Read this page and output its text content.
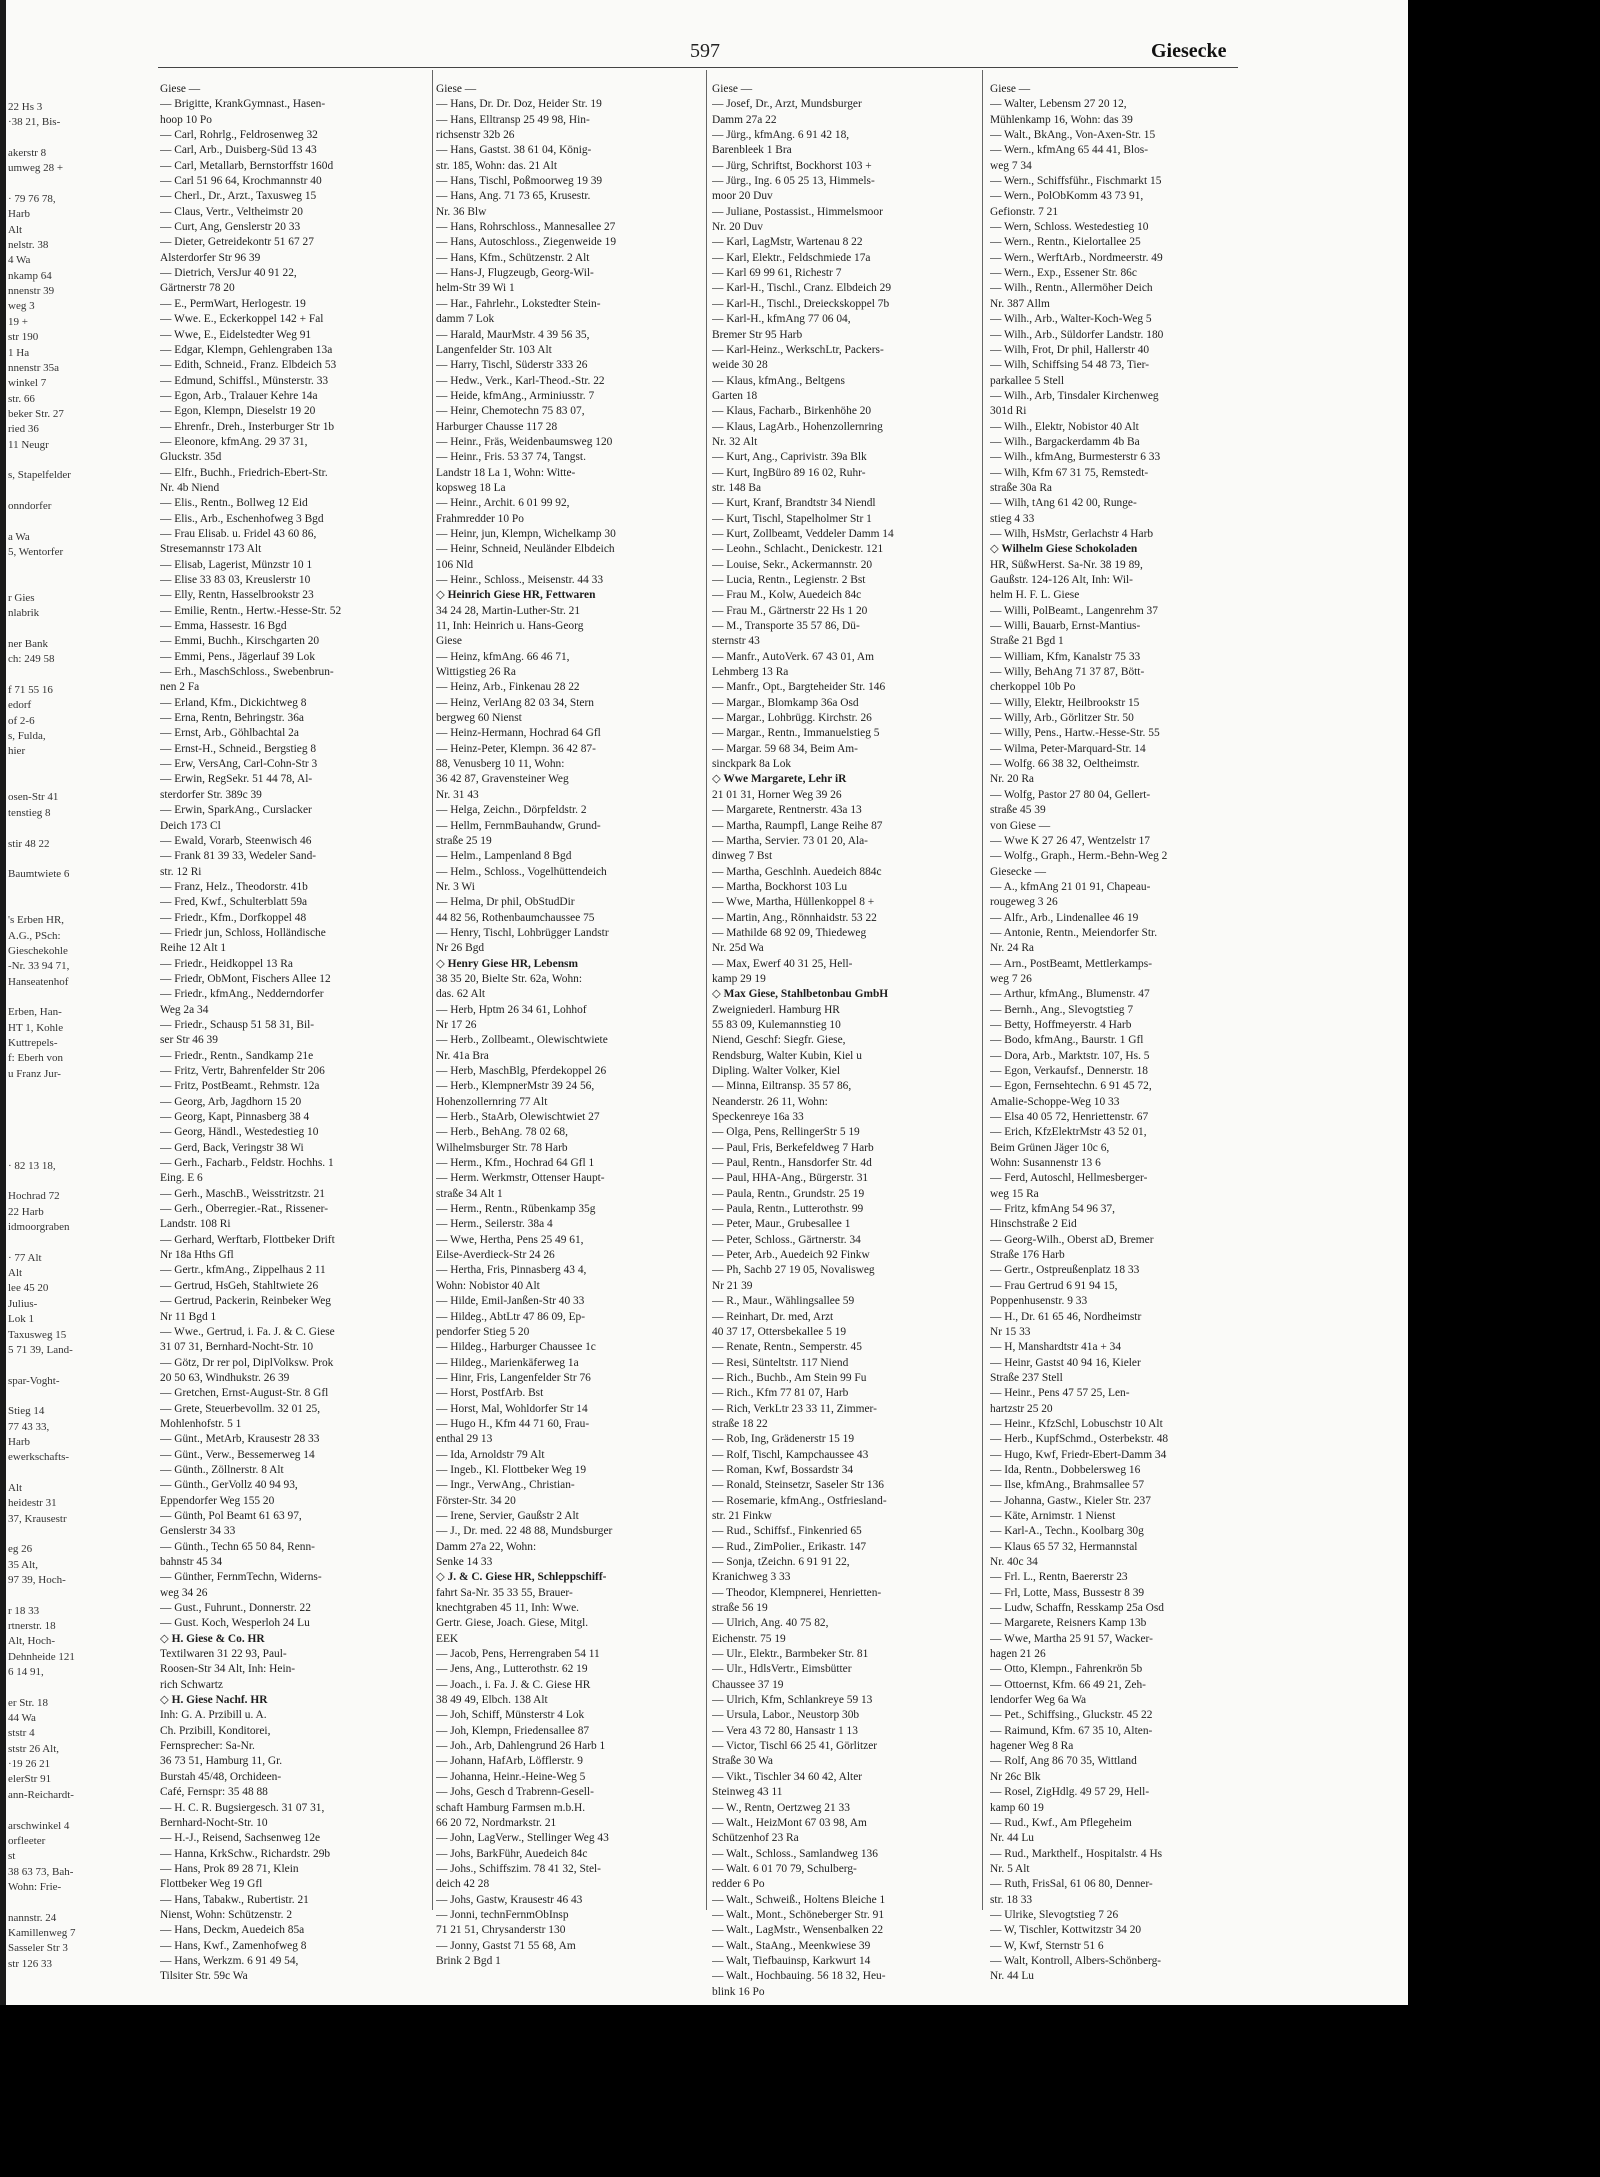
22 Hs 3
·38 21, Bis-
akerstr 8
umweg 28 +
· 79 76 78,
Harb
Alt
nelstr. 38
4 Wa
nkamp 64
nnenstr 39
weg 3
19 +
str 190
1 Ha
nnenstr 35a
winkel 7
str. 66
beker Str. 27
ried 36
11 Neugr
s, Stapelfelder
onndorfer
a Wa
5, Wentorfer
r Gies
nlabrik
ner Bank
ch: 249 58
f 71 55 16
edorf
of 2-6
s, Fulda,
hier
osen-Str 41
tenstieg 8
stir 48 22
Baumtwiete 6
's Erben HR,
A.G., PSch:
Gieschekohle
-Nr. 33 94 71,
Hanseatenhof
Erben, Han-
HT 1, Kohle
Kuttrepels-
f: Eberh von
u Franz Jur-
· 82 13 18,
Hochrad 72
22 Harb
idmoorgraben
· 77 Alt
Alt
lee 45 20
Julius-
Lok 1
Taxusweg 15
5 71 39, Land-
spar-Voght-
Stieg 14
77 43 33,
Harb
ewerkschafts-
Alt
heidestr 31
37, Krausestr
eg 26
35 Alt,
97 39, Hoch-
r 18 33
rtnerstr. 18
Alt, Hoch-
Dehnheide 121
6 14 91,
er Str. 18
44 Wa
ststr 4
ststr 26 Alt,
·19 26 21
elerStr 91
ann-Reichardt-
arschwinkel 4
orfleeter
st
38 63 73, Bah-
Wohn: Frie-
nannstr. 24
Kamillenweg 7
Sasseler Str 3
str 126 33
597	Giesecke
Giese —
— Brigitte, KrankGymnast., Hasen-
hoop 10 Po
— Carl, Rohrlg., Feldrosenweg 32
— Carl, Arb., Duisberg-Süd 13 43
— Carl, Metallarb, Bernstorffstr 160d
— Carl 51 96 64, Krochmannstr 40
— Cherl., Dr., Arzt., Taxusweg 15
— Claus, Vertr., Veltheimstr 20
— Curt, Ang, Genslerstr 20 33
— Dieter, Getreidekontr 51 67 27
Alsterdorfer Str 96 39
— Dietrich, VersJur 40 91 22,
Gärtnerstr 78 20
— E., PermWart, Herlogestr. 19
— Wwe. E., Eckerkoppel 142 + Fal
— Wwe, E., Eidelstedter Weg 91
— Edgar, Klempn, Gehlengraben 13a
— Edith, Schneid., Franz. Elbdeich 53
— Edmund, Schiffsl., Münsterstr. 33
— Egon, Arb., Tralauer Kehre 14a
— Egon, Klempn, Dieselstr 19 20
— Ehrenfr., Dreh., Insterburger Str 1b
— Eleonore, kfmAng. 29 37 31,
Gluckstr. 35d
— Elfr., Buchh., Friedrich-Ebert-Str.
Nr. 4b Niend
— Elis., Rentn., Bollweg 12 Eid
— Elis., Arb., Eschenhofweg 3 Bgd
— Frau Elisab. u. Fridel 43 60 86,
Stresemannstr 173 Alt
— Elisab, Lagerist, Münzstr 10 1
— Elise 33 83 03, Kreuslerstr 10
— Elly, Rentn, Hasselbrookstr 23
— Emilie, Rentn., Hertw.-Hesse-Str. 52
— Emma, Hassestr. 16 Bgd
— Emmi, Buchh., Kirschgarten 20
— Emmi, Pens., Jägerlauf 39 Lok
— Erh., MaschSchloss., Swebenbrun-
nen 2 Fa
— Erland, Kfm., Dickichtweg 8
— Erna, Rentn, Behringstr. 36a
— Ernst, Arb., Göhlbachtal 2a
— Ernst-H., Schneid., Bergstieg 8
— Erw, VersAng, Carl-Cohn-Str 3
— Erwin, RegSekr. 51 44 78, Al-
sterdorfer Str. 389c 39
— Erwin, SparkAng., Curslacker
Deich 173 Cl
— Ewald, Vorarb, Steenwisch 46
— Frank 81 39 33, Wedeler Sand-
str. 12 Ri
— Franz, Helz., Theodorstr. 41b
— Fred, Kwf., Schulterblatt 59a
— Friedr., Kfm., Dorfkoppel 48
— Friedr jun, Schloss, Holländische
Reihe 12 Alt 1
— Friedr., Heidkoppel 13 Ra
— Friedr, ObMont, Fischers Allee 12
— Friedr., kfmAng., Nedderndorfer
Weg 2a 34
— Friedr., Schausp 51 58 31, Bil-
ser Str 46 39
— Friedr., Rentn., Sandkamp 21e
— Fritz, Vertr, Bahrenfelder Str 206
— Fritz, PostBeamt., Rehmstr. 12a
— Georg, Arb, Jagdhorn 15 20
— Georg, Kapt, Pinnasberg 38 4
— Georg, Händl., Westedestieg 10
— Gerd, Back, Veringstr 38 Wi
— Gerh., Facharb., Feldstr. Hochhs. 1
Eing. E 6
— Gerh., MaschB., Weisstritzstr. 21
— Gerh., Oberregier.-Rat., Rissener-
Landstr. 108 Ri
— Gerhard, Werftarb, Flottbeker Drift
Nr 18a Hths Gfl
— Gertr., kfmAng., Zippelhaus 2 11
— Gertrud, HsGeh, Stahltwiete 26
— Gertrud, Packerin, Reinbeker Weg
Nr 11 Bgd 1
— Wwe., Gertrud, i. Fa. J. & C. Giese
31 07 31, Bernhard-Nocht-Str. 10
— Götz, Dr rer pol, DiplVolksw. Prok
20 50 63, Windhukstr. 26 39
— Gretchen, Ernst-August-Str. 8 Gfl
— Grete, Steuerbevollm. 32 01 25,
Mohlenhofstr. 5 1
— Günt., MetArb, Krausestr 28 33
— Günt., Verw., Bessemerweg 14
— Günth., Zöllnerstr. 8 Alt
— Günth., GerVollz 40 94 93,
Eppendorfer Weg 155 20
— Günth, Pol Beamt 61 63 97,
Genslerstr 34 33
— Günth., Techn 65 50 84, Renn-
bahnstr 45 34
— Günther, FernmTechn, Widerns-
weg 34 26
— Gust., Fuhrunt., Donnerstr. 22
— Gust. Koch, Wesperloh 24 Lu
◇ H. Giese & Co. HR
Textilwaren 31 22 93, Paul-
Roosen-Str 34 Alt, Inh: Hein-
rich Schwartz
◇ H. Giese Nachf. HR
Inh: G. A. Przibill u. A.
Ch. Przibill, Konditorei,
Fernsprecher: Sa-Nr.
36 73 51, Hamburg 11, Gr.
Burstah 45/48, Orchideen-
Café, Fernspr: 35 48 88
— H. C. R. Bugsiergesch. 31 07 31,
Bernhard-Nocht-Str. 10
— H.-J., Reisend, Sachsenweg 12e
— Hanna, KrkSchw., Richardstr. 29b
— Hans, Prok 89 28 71, Klein
Flottbeker Weg 19 Gfl
— Hans, Tabakw., Rubertistr. 21
Nienst, Wohn: Schützenstr. 2
— Hans, Deckm, Auedeich 85a
— Hans, Kwf., Zamenhofweg 8
— Hans, Werkzm. 6 91 49 54,
Tilsiter Str. 59c Wa
Giese —
— Hans, Dr. Dr. Doz, Heider Str. 19
— Hans, Elltransp 25 49 98, Hin-
richsenstr 32b 26
— Hans, Gastst. 38 61 04, König-
str. 185, Wohn: das. 21 Alt
— Hans, Tischl, Poßmoorweg 19 39
— Hans, Ang. 71 73 65, Krusestr.
Nr. 36 Blw
— Hans, Rohrschloss., Mannesallee 27
— Hans, Autoschloss., Ziegenweide 19
— Hans, Kfm., Schützenstr. 2 Alt
— Hans-J, Flugzeugb, Georg-Wil-
helm-Str 39 Wi 1
— Har., Fahrlehr., Lokstedter Stein-
damm 7 Lok
— Harald, MaurMstr. 4 39 56 35,
Langenfelder Str. 103 Alt
— Harry, Tischl, Süderstr 333 26
— Hedw., Verk., Karl-Theod.-Str. 22
— Heide, kfmAng., Arminiusstr. 7
— Heinr, Chemotechn 75 83 07,
Harburger Chausse 117 28
— Heinr., Fräs, Weidenbaumsweg 120
— Heinr., Fris. 53 37 74, Tangst.
Landstr 18 La 1, Wohn: Witte-
kopsweg 18 La
— Heinr., Archit. 6 01 99 92,
Frahmredder 10 Po
— Heinr, jun, Klempn, Wichelkamp 30
— Heinr, Schneid, Neuländer Elbdeich
106 Nld
— Heinr., Schloss., Meisenstr. 44 33
◇ Heinrich Giese HR, Fettwaren
34 24 28, Martin-Luther-Str. 21
11, Inh: Heinrich u. Hans-Georg
Giese
— Heinz, kfmAng. 66 46 71,
Wittigstieg 26 Ra
— Heinz, Arb., Finkenau 28 22
— Heinz, VerlAng 82 03 34, Stern
bergweg 60 Nienst
— Heinz-Hermann, Hochrad 64 Gfl
— Heinz-Peter, Klempn. 36 42 87-
88, Venusberg 10 11, Wohn:
36 42 87, Gravensteiner Weg
Nr. 31 43
— Helga, Zeichn., Dörpfeldstr. 2
— Hellm, FernmBauhandw, Grund-
straße 25 19
— Helm., Lampenland 8 Bgd
— Helm., Schloss., Vogelhüttendeich
Nr. 3 Wi
— Helma, Dr phil, ObStudDir
44 82 56, Rothenbaumchaussee 75
— Henry, Tischl, Lohbrügger Landstr
Nr 26 Bgd
◇ Henry Giese HR, Lebensm
38 35 20, Bielte Str. 62a, Wohn:
das. 62 Alt
— Herb, Hptm 26 34 61, Lohhof
Nr 17 26
— Herb., Zollbeamt., Olewischtwiete
Nr. 41a Bra
— Herb, MaschBlg, Pferdekoppel 26
— Herb., KlempnerMstr 39 24 56,
Hohenzollernring 77 Alt
— Herb., StaArb, Olewischtwiet 27
— Herb., BehAng. 78 02 68,
Wilhelmsburger Str. 78 Harb
— Herm., Kfm., Hochrad 64 Gfl 1
— Herm. Werkmstr, Ottenser Haupt-
straße 34 Alt 1
— Herm., Rentn., Rübenkamp 35g
— Herm., Seilerstr. 38a 4
— Wwe, Hertha, Pens 25 49 61,
Eilse-Averdieck-Str 24 26
— Hertha, Fris, Pinnasberg 43 4,
Wohn: Nobistor 40 Alt
— Hilde, Emil-Janßen-Str 40 33
— Hildeg., AbtLtr 47 86 09, Ep-
pendorfer Stieg 5 20
— Hildeg., Harburger Chaussee 1c
— Hildeg., Marienkäferweg 1a
— Hinr, Fris, Langenfelder Str 76
— Horst, PostfArb. Bst
— Horst, Mal, Wohldorfer Str 14
— Hugo H., Kfm 44 71 60, Frau-
enthal 29 13
— Ida, Arnoldstr 79 Alt
— Ingeb., Kl. Flottbeker Weg 19
— Ingr., VerwAng., Christian-
Förster-Str. 34 20
— Irene, Servier, Gaußstr 2 Alt
— J., Dr. med. 22 48 88, Mundsburger
Damm 27a 22, Wohn:
Senke 14 33
◇ J. & C. Giese HR, Schleppschiff-
fahrt Sa-Nr. 35 33 55, Brauer-
knechtgraben 45 11, Inh: Wwe.
Gertr. Giese, Joach. Giese, Mitgl.
EEK
— Jacob, Pens, Herrengraben 54 11
— Jens, Ang., Lutterothstr. 62 19
— Joach., i. Fa. J. & C. Giese HR
38 49 49, Elbch. 138 Alt
— Joh, Schiff, Münsterstr 4 Lok
— Joh, Klempn, Friedensallee 87
— Joh., Arb, Dahlengrund 26 Harb 1
— Johann, HafArb, Löfflerstr. 9
— Johanna, Heinr.-Heine-Weg 5
— Johs, Gesch d Trabrenn-Gesell-
schaft Hamburg Farmsen m.b.H.
66 20 72, Nordmarkstr. 21
— John, LagVerw., Stellinger Weg 43
— Johs, BarkFühr, Auedeich 84c
— Johs., Schiffszim. 78 41 32, Stel-
deich 42 28
— Johs, Gastw, Krausestr 46 43
— Jonni, technFernmObInsp
71 21 51, Chrysanderstr 130
— Jonny, Gastst 71 55 68, Am
Brink 2 Bgd 1
Giese —
— Josef, Dr., Arzt, Mundsburger
Damm 27a 22
— Jürg., kfmAng. 6 91 42 18,
Barenbleek 1 Bra
— Jürg, Schriftst, Bockhorst 103 +
— Jürg., Ing. 6 05 25 13, Himmels-
moor 20 Duv
— Juliane, Postassist., Himmelsmoor
Nr. 20 Duv
— Karl, LagMstr, Wartenau 8 22
— Karl, Elektr., Feldschmiede 17a
— Karl 69 99 61, Richestr 7
— Karl-H., Tischl., Cranz. Elbdeich 29
— Karl-H., Tischl., Dreieckskoppel 7b
— Karl-H., kfmAng 77 06 04,
Bremer Str 95 Harb
— Karl-Heinz., WerkschLtr, Packers-
weide 30 28
— Klaus, kfmAng., Beltgens
Garten 18
— Klaus, Facharb., Birkenhöhe 20
— Klaus, LagArb., Hohenzollernring
Nr. 32 Alt
— Kurt, Ang., Caprivistr. 39a Blk
— Kurt, IngBüro 89 16 02, Ruhr-
str. 148 Ba
— Kurt, Kranf, Brandtstr 34 Niendl
— Kurt, Tischl, Stapelholmer Str 1
— Kurt, Zollbeamt, Veddeler Damm 14
— Leohn., Schlacht., Denickestr. 121
— Louise, Sekr., Ackermannstr. 20
— Lucia, Rentn., Legienstr. 2 Bst
— Frau M., Kolw, Auedeich 84c
— Frau M., Gärtnerstr 22 Hs 1 20
— M., Transporte 35 57 86, Dü-
sternstr 43
— Manfr., AutoVerk. 67 43 01, Am
Lehmberg 13 Ra
— Manfr., Opt., Bargteheider Str. 146
— Margar., Blomkamp 36a Osd
— Margar., Lohbrügg. Kirchstr. 26
— Margar., Rentn., Immanuelstieg 5
— Margar. 59 68 34, Beim Am-
sinckpark 8a Lok
◇ Wwe Margarete, Lehr iR
21 01 31, Horner Weg 39 26
— Margarete, Rentnerstr. 43a 13
— Martha, Raumpfl, Lange Reihe 87
— Martha, Servier. 73 01 20, Ala-
dinweg 7 Bst
— Martha, Geschlnh. Auedeich 884c
— Martha, Bockhorst 103 Lu
— Wwe, Martha, Hüllenkoppel 8 +
— Martin, Ang., Rönnhaidstr. 53 22
— Mathilde 68 92 09, Thiedeweg
Nr. 25d Wa
— Max, Ewerf 40 31 25, Hell-
kamp 29 19
◇ Max Giese, Stahlbetonbau GmbH
Zweigniederl. Hamburg HR
55 83 09, Kulemannstieg 10
Niend, Geschf: Siegfr. Giese,
Rendsburg, Walter Kubin, Kiel u
Dipling. Walter Volker, Kiel
— Minna, Eiltransp. 35 57 86,
Neanderstr. 26 11, Wohn:
Speckenreye 16a 33
— Olga, Pens, RellingerStr 5 19
— Paul, Fris, Berkefeldweg 7 Harb
— Paul, Rentn., Hansdorfer Str. 4d
— Paul, HHA-Ang., Bürgerstr. 31
— Paula, Rentn., Grundstr. 25 19
— Paula, Rentn., Lutterothstr. 99
— Peter, Maur., Grubesallee 1
— Peter, Schloss., Gärtnerstr. 34
— Peter, Arb., Auedeich 92 Finkw
— Ph, Sachb 27 19 05, Novalisweg
Nr 21 39
— R., Maur., Wählingsallee 59
— Reinhart, Dr. med, Arzt
40 37 17, Ottersbekallee 5 19
— Renate, Rentn., Semperstr. 45
— Resi, Sünteltstr. 117 Niend
— Rich., Buchb., Am Stein 99 Fu
— Rich., Kfm 77 81 07, Harb
— Rich, VerkLtr 23 33 11, Zimmer-
straße 18 22
— Rob, Ing, Grädenerstr 15 19
— Rolf, Tischl, Kampchaussee 43
— Roman, Kwf, Bossardstr 34
— Ronald, Steinsetzr, Saseler Str 136
— Rosemarie, kfmAng., Ostfriesland-
str. 21 Finkw
— Rud., Schiffsf., Finkenried 65
— Rud., ZimPolier., Erikastr. 147
— Sonja, tZeichn. 6 91 91 22,
Kranichweg 3 33
— Theodor, Klempnerei, Henrietten-
straße 56 19
— Ulrich, Ang. 40 75 82,
Eichenstr. 75 19
— Ulr., Elektr., Barmbeker Str. 81
— Ulr., HdlsVertr., Eimsbütter
Chaussee 37 19
— Ulrich, Kfm, Schlankreye 59 13
— Ursula, Labor., Neustorp 30b
— Vera 43 72 80, Hansastr 1 13
— Victor, Tischl 66 25 41, Görlitzer
Straße 30 Wa
— Vikt., Tischler 34 60 42, Alter
Steinweg 43 11
— W., Rentn, Oertzweg 21 33
— Walt., HeizMont 67 03 98, Am
Schützenhof 23 Ra
— Walt., Schloss., Samlandweg 136
— Walt. 6 01 70 79, Schulberg-
redder 6 Po
— Walt., Schweiß., Holtens Bleiche 1
— Walt., Mont., Schöneberger Str. 91
— Walt., LagMstr., Wensenbalken 22
— Walt., StaAng., Meenkwiese 39
— Walt, Tiefbauinsp, Karkwurt 14
— Walt., Hochbauing. 56 18 32, Heu-
blink 16 Po
Giese —
— Walter, Lebensm 27 20 12,
Mühlenkamp 16, Wohn: das 39
— Walt., BkAng., Von-Axen-Str. 15
— Wern., kfmAng 65 44 41, Blos-
weg 7 34
— Wern., Schiffsführ., Fischmarkt 15
— Wern., PolObKomm 43 73 91,
Gefionstr. 7 21
— Wern, Schloss. Westedestieg 10
— Wern., Rentn., Kielortallee 25
— Wern., WerftArb., Nordmeerstr. 49
— Wern., Exp., Essener Str. 86c
— Wilh., Rentn., Allermöher Deich
Nr. 387 Allm
— Wilh., Arb., Walter-Koch-Weg 5
— Wilh., Arb., Süldorfer Landstr. 180
— Wilh, Frot, Dr phil, Hallerstr 40
— Wilh, Schiffsing 54 48 73, Tier-
parkallee 5 Stell
— Wilh., Arb, Tinsdaler Kirchenweg
301d Ri
— Wilh., Elektr, Nobistor 40 Alt
— Wilh., Bargackerdamm 4b Ba
— Wilh., kfmAng, Burmesterstr 6 33
— Wilh, Kfm 67 31 75, Remstedt-
straße 30a Ra
— Wilh, tAng 61 42 00, Runge-
stieg 4 33
— Wilh, HsMstr, Gerlachstr 4 Harb
◇ Wilhelm Giese Schokoladen
HR, SüßwHerst. Sa-Nr. 38 19 89,
Gaußstr. 124-126 Alt, Inh: Wil-
helm H. F. L. Giese
— Willi, PolBeamt., Langenrehm 37
— Willi, Bauarb, Ernst-Mantius-
Straße 21 Bgd 1
— William, Kfm, Kanalstr 75 33
— Willy, BehAng 71 37 87, Bött-
cherkoppel 10b Po
— Willy, Elektr, Heilbrookstr 15
— Willy, Arb., Görlitzer Str. 50
— Willy, Pens., Hartw.-Hesse-Str. 55
— Wilma, Peter-Marquard-Str. 14
— Wolfg. 66 38 32, Oeltheimstr.
Nr. 20 Ra
— Wolfg, Pastor 27 80 04, Gellert-
straße 45 39
von Giese —
— Wwe K 27 26 47, Wentzelstr 17
— Wolfg., Graph., Herm.-Behn-Weg 2
Giesecke —
— A., kfmAng 21 01 91, Chapeau-
rougeweg 3 26
— Alfr., Arb., Lindenallee 46 19
— Antonie, Rentn., Meiendorfer Str.
Nr. 24 Ra
— Arn., PostBeamt, Mettlerkamps-
weg 7 26
— Arthur, kfmAng., Blumenstr. 47
— Bernh., Ang., Slevogtstieg 7
— Betty, Hoffmeyerstr. 4 Harb
— Bodo, kfmAng., Baurstr. 1 Gfl
— Dora, Arb., Marktstr. 107, Hs. 5
— Egon, Verkaufsf., Dennerstr. 18
— Egon, Fernsehtechn. 6 91 45 72,
Amalie-Schoppe-Weg 10 33
— Elsa 40 05 72, Henriettenstr. 67
— Erich, KfzElektrMstr 43 52 01,
Beim Grünen Jäger 10c 6,
Wohn: Susannenstr 13 6
— Ferd, Autoschl, Hellmesberger-
weg 15 Ra
— Fritz, kfmAng 54 96 37,
Hinschstraße 2 Eid
— Georg-Wilh., Oberst aD, Bremer
Straße 176 Harb
— Gertr., Ostpreußenplatz 18 33
— Frau Gertrud 6 91 94 15,
Poppenhusenstr. 9 33
— H., Dr. 61 65 46, Nordheimstr
Nr 15 33
— H, Manshardtstr 41a + 34
— Heinr, Gastst 40 94 16, Kieler
Straße 237 Stell
— Heinr., Pens 47 57 25, Len-
hartzstr 25 20
— Heinr., KfzSchl, Lobuschstr 10 Alt
— Herb., KupfSchmd., Osterbekstr. 48
— Hugo, Kwf, Friedr-Ebert-Damm 34
— Ida, Rentn., Dobbelersweg 16
— Ilse, kfmAng., Brahmsallee 57
— Johanna, Gastw., Kieler Str. 237
— Käte, Arnimstr. 1 Nienst
— Karl-A., Techn., Koolbarg 30g
— Klaus 65 57 32, Hermannstal
Nr. 40c 34
— Frl. L., Rentn, Baererstr 23
— Frl, Lotte, Mass, Bussestr 8 39
— Ludw, Schaffn, Resskamp 25a Osd
— Margarete, Reisners Kamp 13b
— Wwe, Martha 25 91 57, Wacker-
hagen 21 26
— Otto, Klempn., Fahrenkrön 5b
— Ottoernst, Kfm. 66 49 21, Zeh-
lendorfer Weg 6a Wa
— Pet., Schiffsing., Gluckstr. 45 22
— Raimund, Kfm. 67 35 10, Alten-
hagener Weg 8 Ra
— Rolf, Ang 86 70 35, Wittland
Nr 26c Blk
— Rosel, ZigHdlg. 49 57 29, Hell-
kamp 60 19
— Rud., Kwf., Am Pflegeheim
Nr. 44 Lu
— Rud., Markthelf., Hospitalstr. 4 Hs
Nr. 5 Alt
— Ruth, FrisSal, 61 06 80, Denner-
str. 18 33
— Ulrike, Slevogtstieg 7 26
— W, Tischler, Kottwitzstr 34 20
— W, Kwf, Sternstr 51 6
— Walt, Kontroll, Albers-Schönberg-
Nr. 44 Lu
